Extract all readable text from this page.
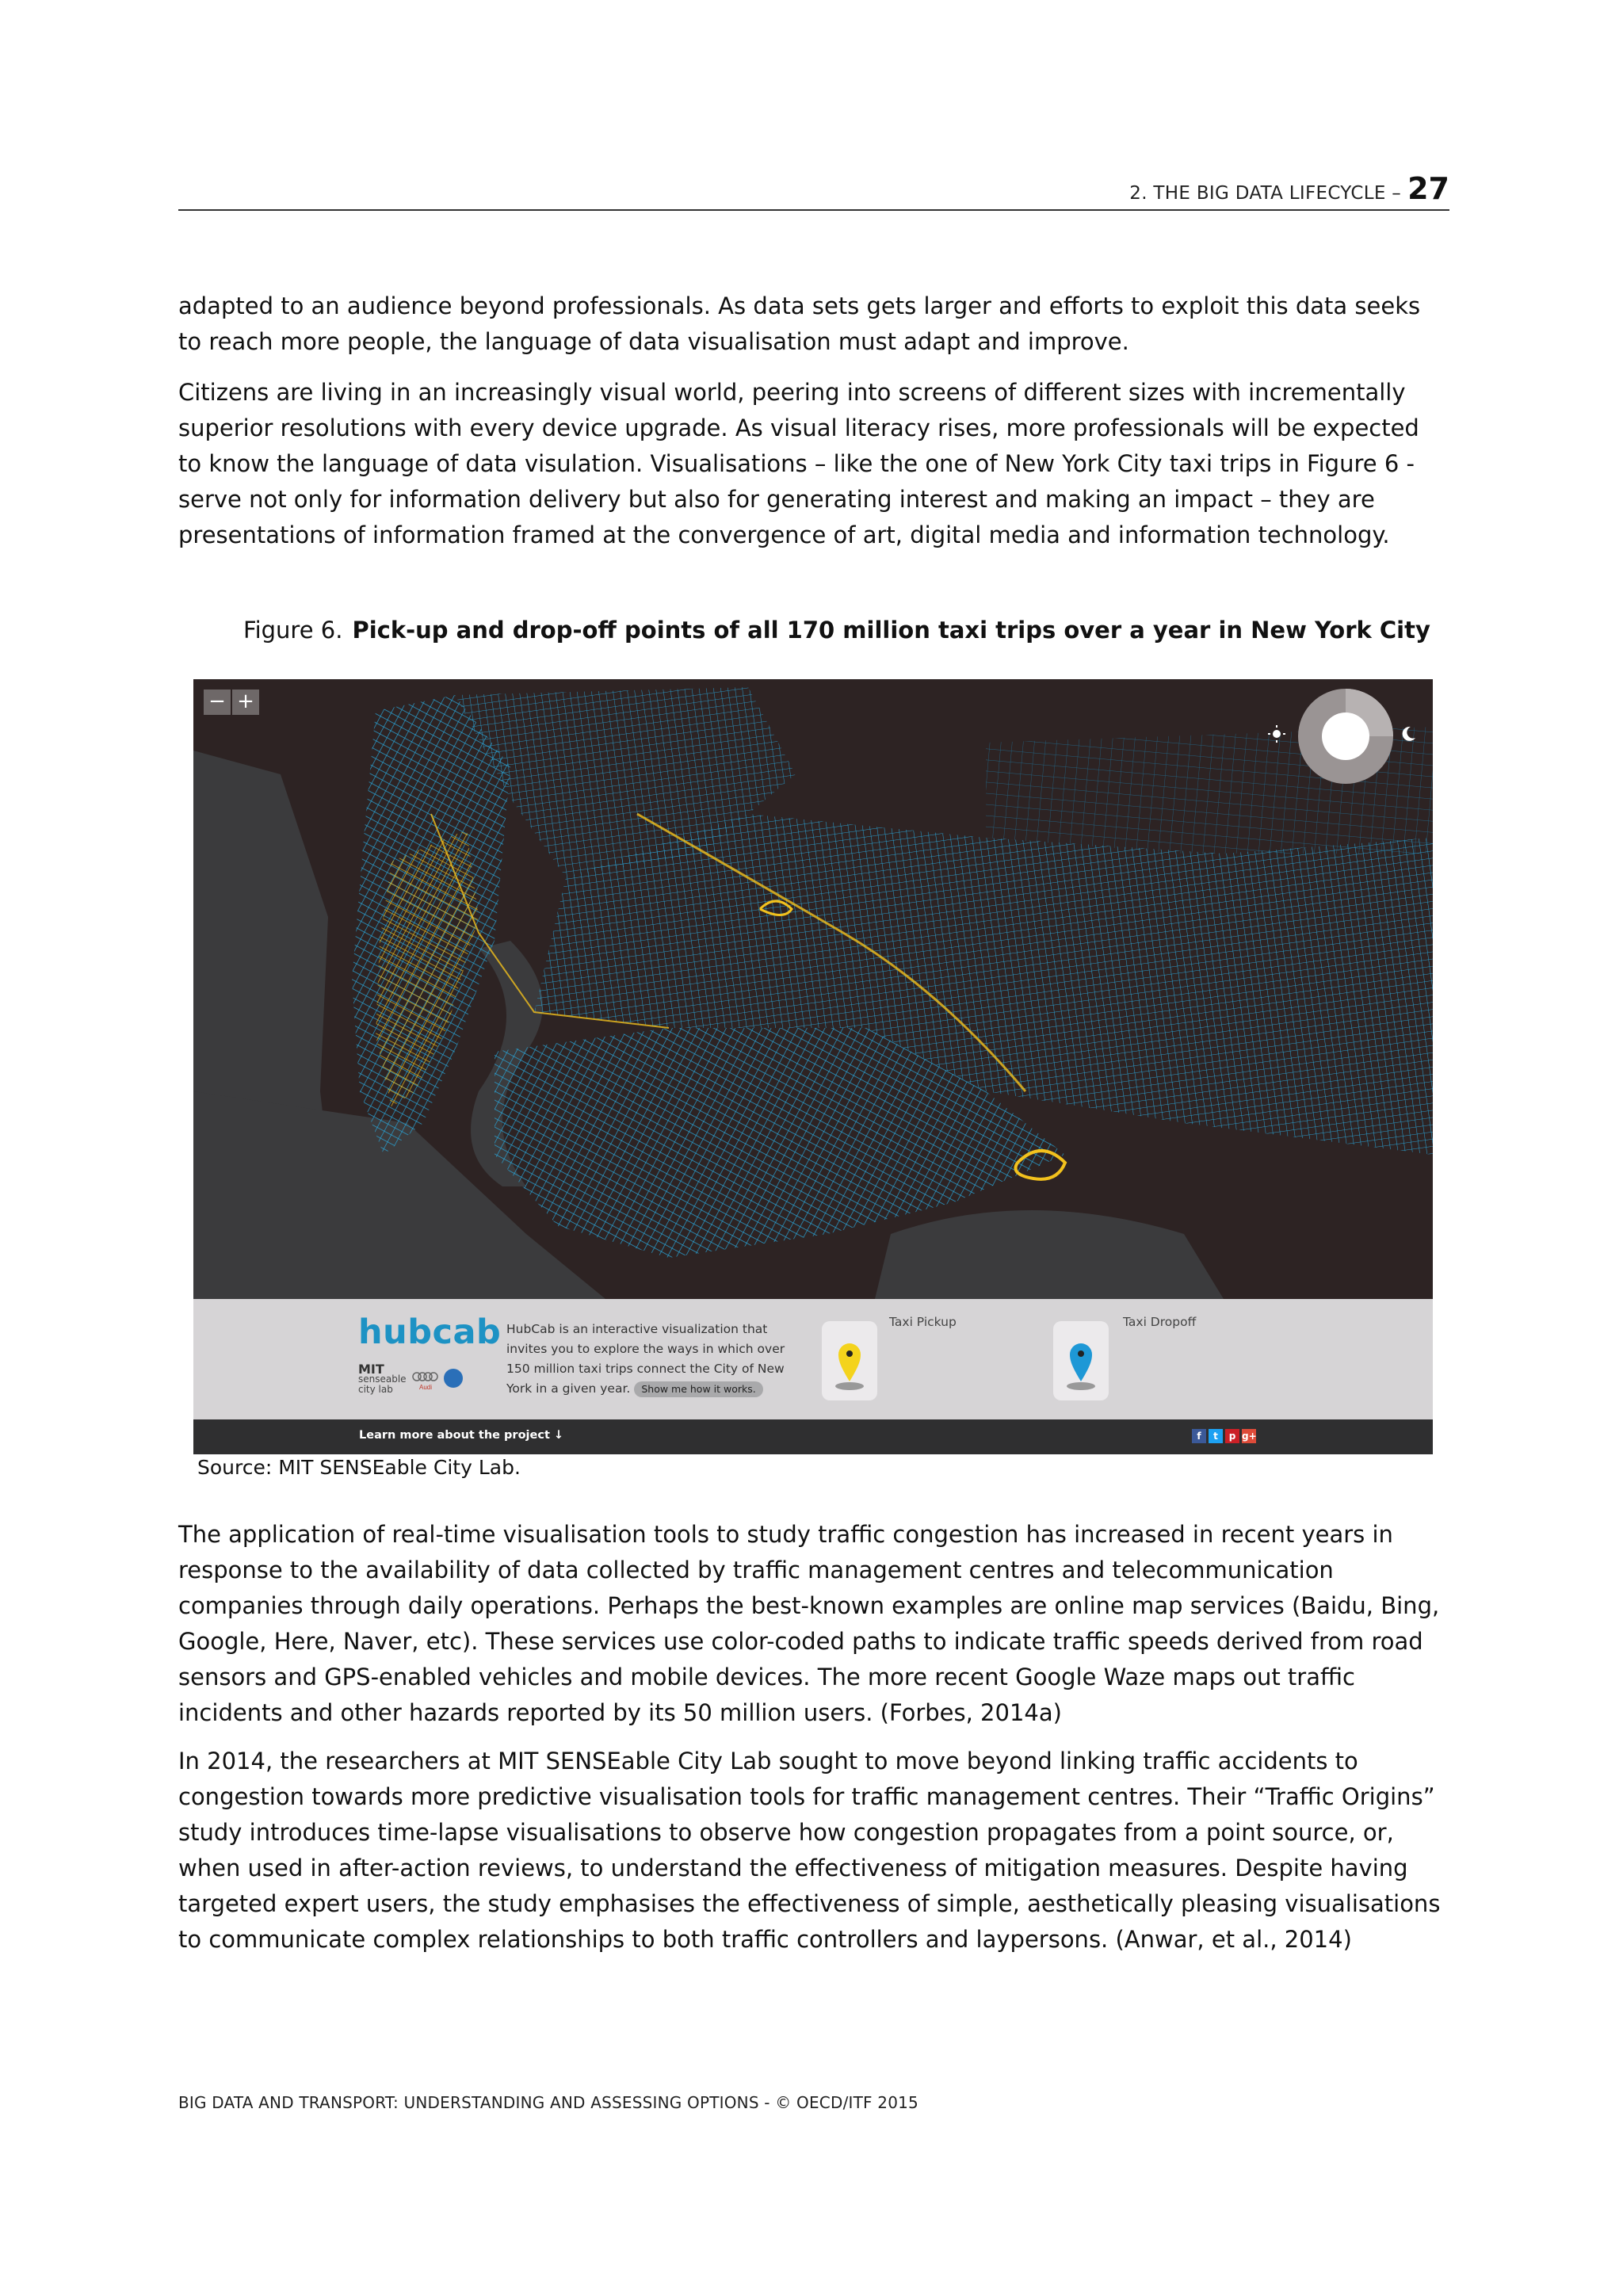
2. THE BIG DATA LIFECYCLE – 27

adapted to an audience beyond professionals. As data sets gets larger and efforts to exploit this data seeks to reach more people, the language of data visualisation must adapt and improve.

Citizens are living in an increasingly visual world, peering into screens of different sizes with incrementally superior resolutions with every device upgrade. As visual literacy rises, more professionals will be expected to know the language of data visulation. Visualisations – like the one of New York City taxi trips in Figure 6 - serve not only for information delivery but also for generating interest and making an impact – they are presentations of information framed at the convergence of art, digital media and information technology.

Figure 6. Pick-up and drop-off points of all 170 million taxi trips over a year in New York City
− +
hubcab
MIT
senseable city lab	Audi
HubCab is an interactive visualization that invites you to explore the ways in which over 150 million taxi trips connect the City of New York in a given year. Show me how it works.
Taxi Pickup	Taxi Dropoff
Learn more about the project ↓	f	t	p g+
Source: MIT SENSEable City Lab.

The application of real-time visualisation tools to study traffic congestion has increased in recent years in response to the availability of data collected by traffic management centres and telecommunication companies through daily operations. Perhaps the best-known examples are online map services (Baidu, Bing, Google, Here, Naver, etc). These services use color-coded paths to indicate traffic speeds derived from road sensors and GPS-enabled vehicles and mobile devices. The more recent Google Waze maps out traffic incidents and other hazards reported by its 50 million users. (Forbes, 2014a)

In 2014, the researchers at MIT SENSEable City Lab sought to move beyond linking traffic accidents to congestion towards more predictive visualisation tools for traffic management centres. Their “Traffic Origins” study introduces time-lapse visualisations to observe how congestion propagates from a point source, or, when used in after-action reviews, to understand the effectiveness of mitigation measures. Despite having targeted expert users, the study emphasises the effectiveness of simple, aesthetically pleasing visualisations to communicate complex relationships to both traffic controllers and laypersons. (Anwar, et al., 2014)

BIG DATA AND TRANSPORT: UNDERSTANDING AND ASSESSING OPTIONS - © OECD/ITF 2015
